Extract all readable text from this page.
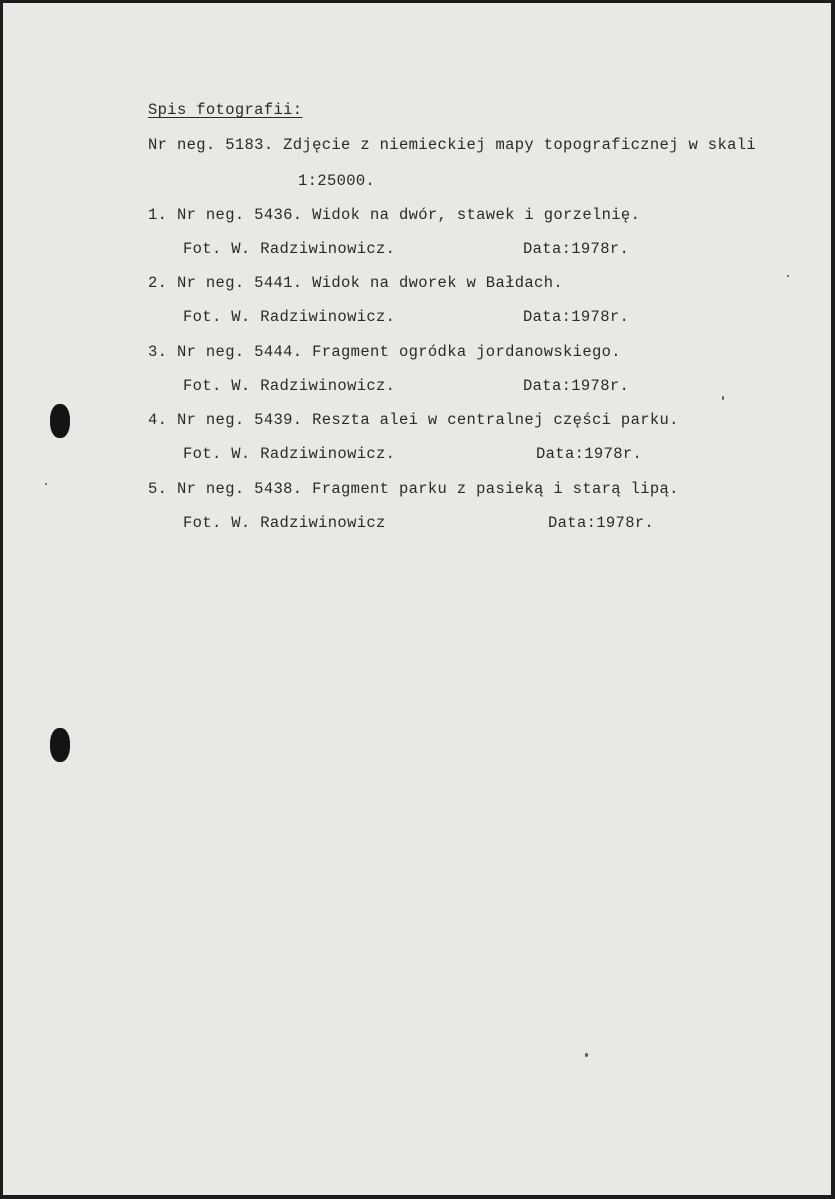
Spis fotografii:
Nr neg. 5183. Zdjęcie z niemieckiej mapy topograficznej w skali
1:25000.
1. Nr neg. 5436. Widok na dwór, stawek i gorzelnię.
Fot. W. Radziwinowicz.	Data:1978r.
2. Nr neg. 5441. Widok na dworek w Bałdach.
Fot. W. Radziwinowicz.	Data:1978r.
3. Nr neg. 5444. Fragment ogródka jordanowskiego.
Fot. W. Radziwinowicz.	Data:1978r.
4. Nr neg. 5439. Reszta alei w centralnej części parku.
Fot. W. Radziwinowicz.	Data:1978r.
5. Nr neg. 5438. Fragment parku z pasieką i starą lipą.
Fot. W. Radziwinowicz	Data:1978r.
